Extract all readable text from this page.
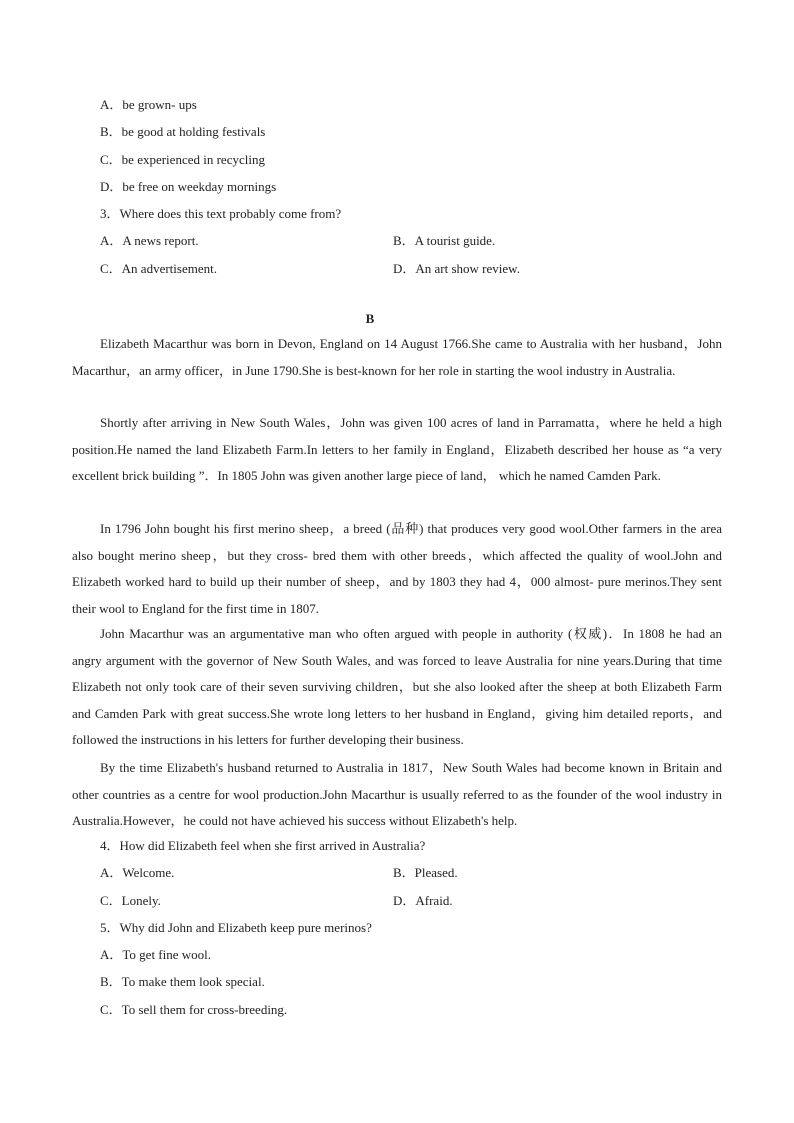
A．be grown- ups
B．be good at holding festivals
C．be experienced in recycling
D．be free on weekday mornings
3．Where does this text probably come from?
A．A news report.	B．A tourist guide.
C．An advertisement.	D．An art show review.
B
Elizabeth Macarthur was born in Devon, England on 14 August 1766.She came to Australia with her husband，John Macarthur，an army officer，in June 1790.She is best-known for her role in starting the wool industry in Australia.
Shortly after arriving in New South Wales，John was given 100 acres of land in Parramatta，where he held a high position.He named the land Elizabeth Farm.In letters to her family in England，Elizabeth described her house as “a very excellent brick building ”．In 1805 John was given another large piece of land， which he named Camden Park.
In 1796 John bought his first merino sheep，a breed (品种) that produces very good wool.Other farmers in the area also bought merino sheep，but they cross- bred them with other breeds，which affected the quality of wool.John and Elizabeth worked hard to build up their number of sheep，and by 1803 they had 4，000 almost- pure merinos.They sent their wool to England for the first time in 1807.
John Macarthur was an argumentative man who often argued with people in authority (权威)．In 1808 he had an angry argument with the governor of New South Wales, and was forced to leave Australia for nine years.During that time Elizabeth not only took care of their seven surviving children，but she also looked after the sheep at both Elizabeth Farm and Camden Park with great success.She wrote long letters to her husband in England，giving him detailed reports，and followed the instructions in his letters for further developing their business.
By the time Elizabeth's husband returned to Australia in 1817，New South Wales had become known in Britain and other countries as a centre for wool production.John Macarthur is usually referred to as the founder of the wool industry in Australia.However，he could not have achieved his success without Elizabeth's help.
4．How did Elizabeth feel when she first arrived in Australia?
A．Welcome.	B．Pleased.
C．Lonely.	D．Afraid.
5．Why did John and Elizabeth keep pure merinos?
A．To get fine wool.
B．To make them look special.
C．To sell them for cross-breeding.
